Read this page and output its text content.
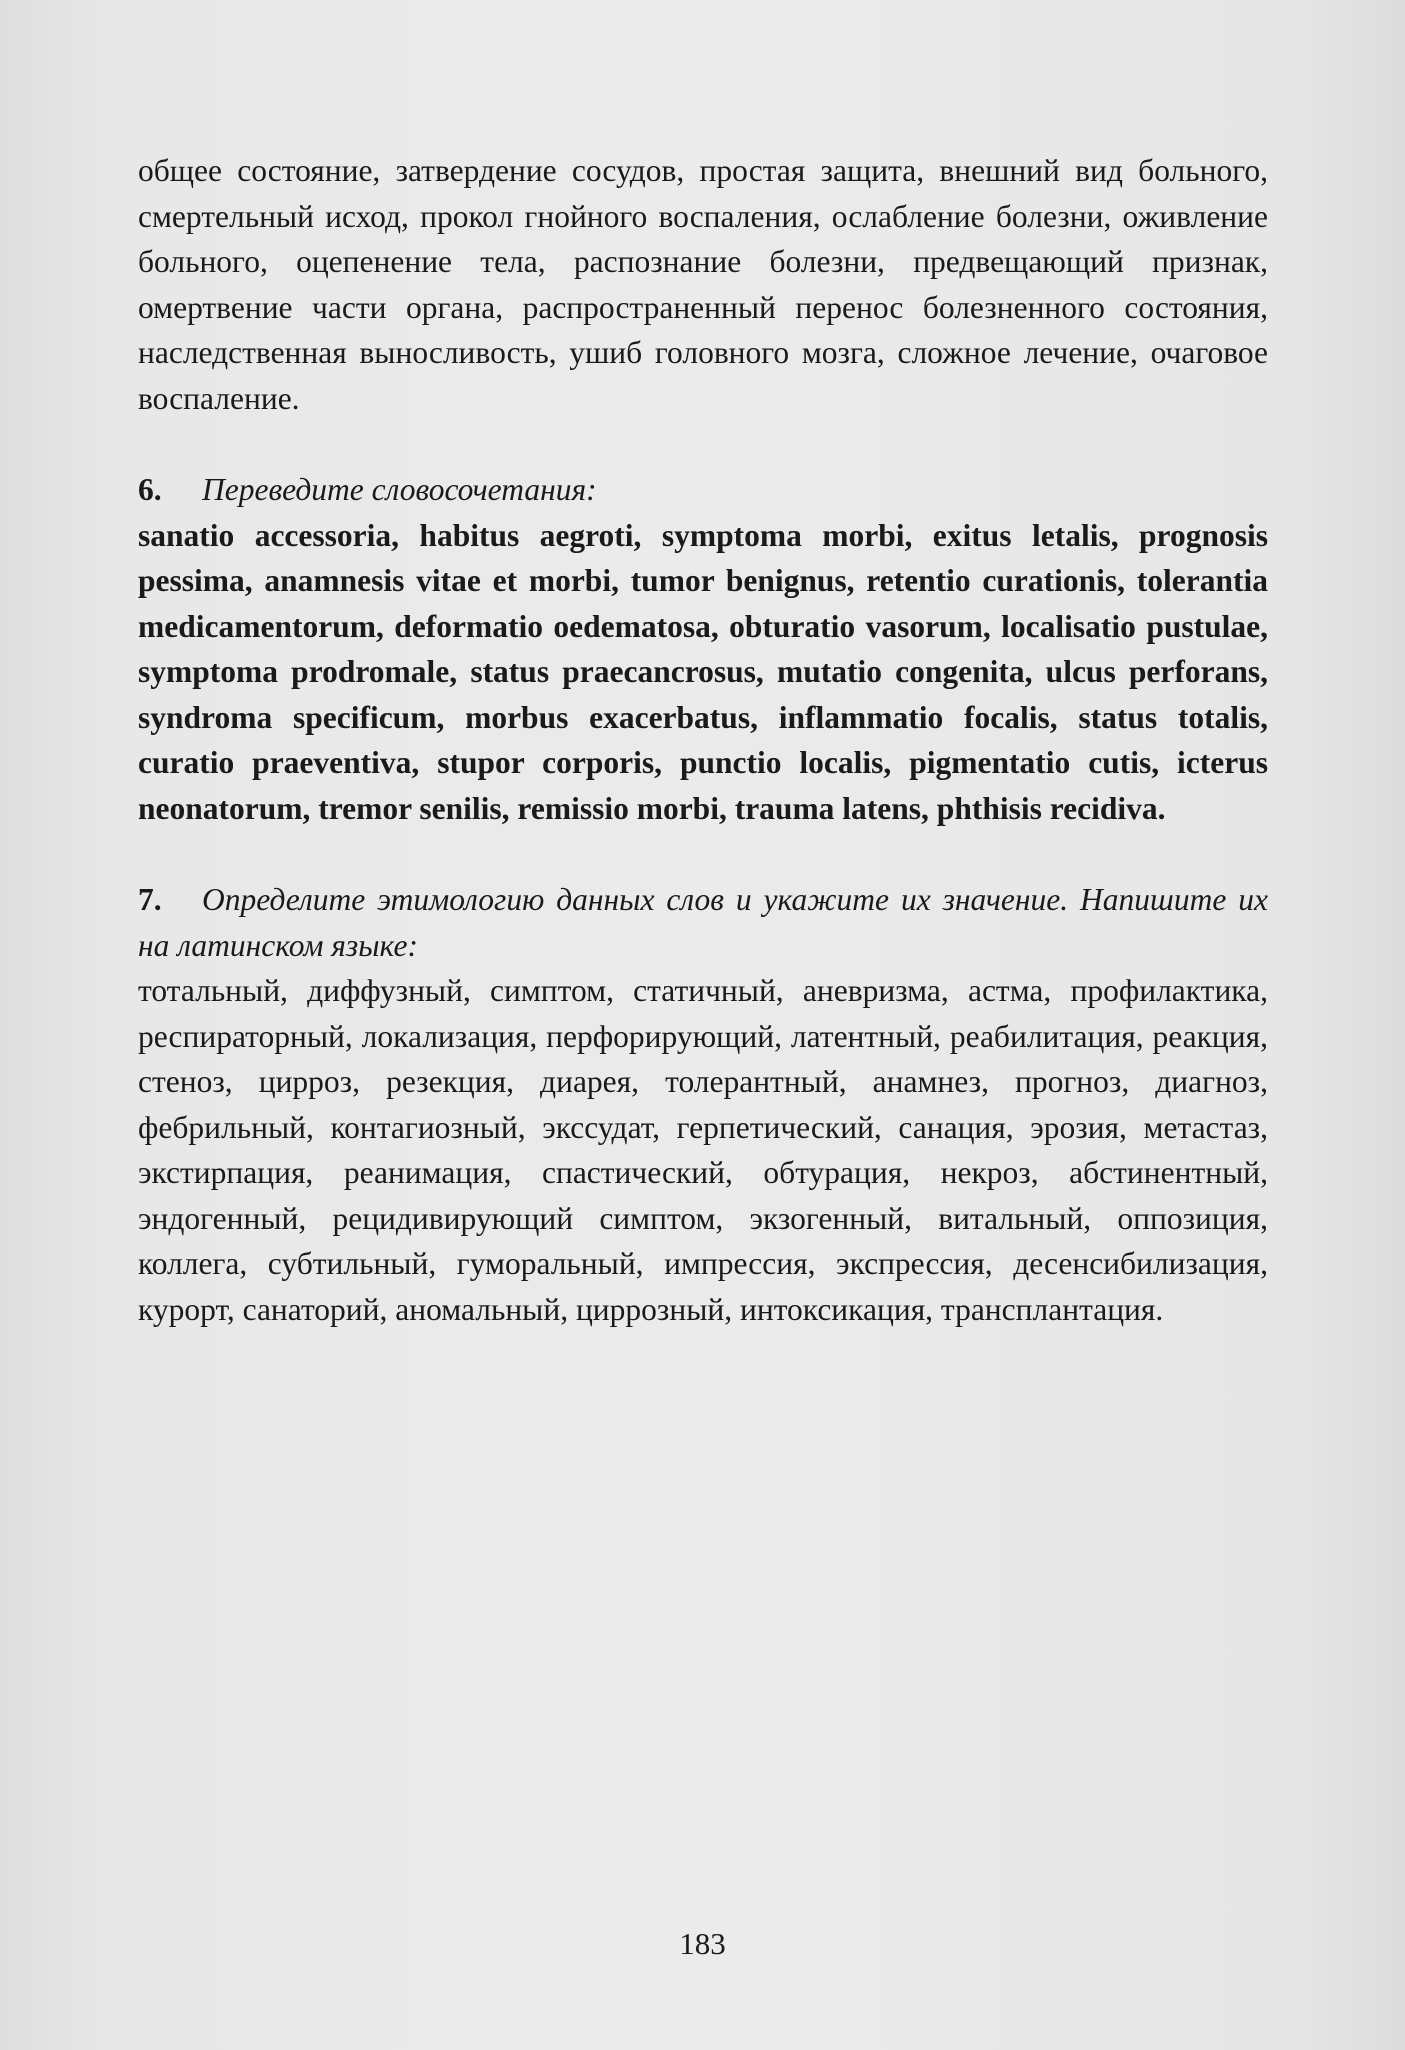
общее состояние, затвердение сосудов, простая защита, внешний вид больного, смертельный исход, прокол гнойного воспаления, ослабление болезни, оживление больного, оцепенение тела, распознание болезни, предвещающий признак, омертвение части органа, распространенный перенос болезненного состояния, наследственная выносливость, ушиб головного мозга, сложное лечение, очаговое воспаление.

6. Переведите словосочетания:

sanatio accessoria, habitus aegroti, symptoma morbi, exitus letalis, prognosis pessima, anamnesis vitae et morbi, tumor benignus, retentio curationis, tolerantia medicamentorum, deformatio oedematosa, obturatio vasorum, localisatio pustulae, symptoma prodromale, status praecancrosus, mutatio congenita, ulcus perforans, syndroma specificum, morbus exacerbatus, inflammatio focalis, status totalis, curatio praeventiva, stupor corporis, punctio localis, pigmentatio cutis, icterus neonatorum, tremor senilis, remissio morbi, trauma latens, phthisis recidiva.

7. Определите этимологию данных слов и укажите их значение. Напишите их на латинском языке:

тотальный, диффузный, симптом, статичный, аневризма, астма, профилактика, респираторный, локализация, перфорирующий, латентный, реабилитация, реакция, стеноз, цирроз, резекция, диарея, толерантный, анамнез, прогноз, диагноз, фебрильный, контагиозный, экссудат, герпетический, санация, эрозия, метастаз, экстирпация, реанимация, спастический, обтурация, некроз, абстинентный, эндогенный, рецидивирующий симптом, экзогенный, витальный, оппозиция, коллега, субтильный, гуморальный, импрессия, экспрессия, десенсибилизация, курорт, санаторий, аномальный, циррозный, интоксикация, трансплантация.

183
